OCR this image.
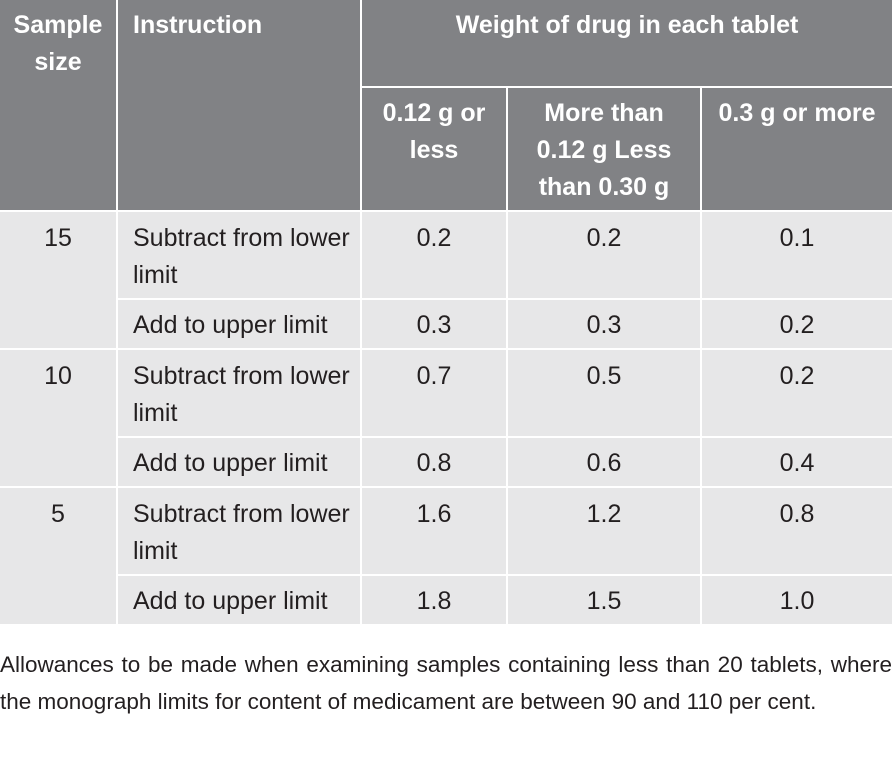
Sample size	Instruction	Weight of drug in each tablet		
		0.12 g or less	More than 0.12 g Less than 0.30 g	0.3 g or more
15	Subtract from lower limit	0.2	0.2	0.1
	Add to upper limit	0.3	0.3	0.2
10	Subtract from lower limit	0.7	0.5	0.2
	Add to upper limit	0.8	0.6	0.4
5	Subtract from lower limit	1.6	1.2	0.8
	Add to upper limit	1.8	1.5	1.0

Allowances to be made when examining samples containing less than 20 tablets, where the monograph limits for content of medicament are between 90 and 110 per cent.
